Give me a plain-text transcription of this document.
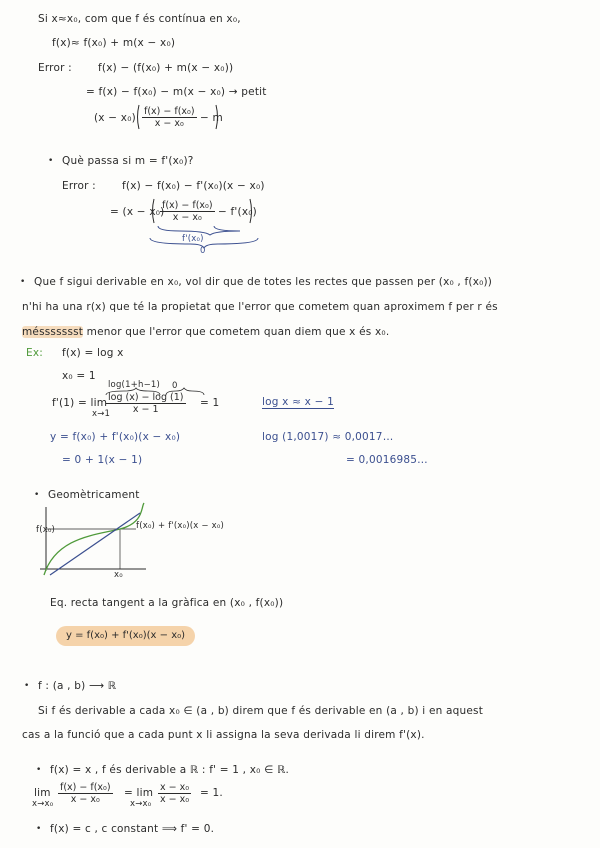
Si x≈x₀, com que f és contínua en x₀,
f(x)≈ f(x₀) + m(x − x₀)
Error : f(x) − (f(x₀) + m(x − x₀))
= f(x) − f(x₀) − m(x − x₀) → petit
$(x - x_0) \frac{\text{f(x) − f(x₀)}}{\text{x − x₀}} - m$
• Què passa si m = f'(x₀)?
Error : f(x) − f(x₀) − f'(x₀)(x − x₀)
= (x − x₀)
$\frac{\text{f(x) − f(x₀)}}{\text{x − x₀}} - f'(x_0)$
f'(x₀)
0
• Que f sigui derivable en x₀, vol dir que de totes les rectes que passen per (x₀ , f(x₀))
n'hi ha una r(x) que té la propietat que l'error que cometem quan aproximem f per r és
méssssssst menor que l'error que cometem quan diem que x és x₀.
Ex: f(x) = log x
x₀ = 1
log(1+h−1) 0
f'(1) = lim
x→1
$\frac{\log (x) - \log (1)}{x - 1} = 1$	log x ≈ x − 1
y = f(x₀) + f'(x₀)(x − x₀)
= 0 + 1(x − 1)
log (1,0017) ≈ 0,0017…
= 0,0016985…
• Geomètricament
f(x₀)
x₀
f(x₀) + f'(x₀)(x − x₀)
Eq. recta tangent a la gràfica en (x₀ , f(x₀))
y = f(x₀) + f'(x₀)(x − x₀)
• f : (a , b) ⟶ ℝ
Si f és derivable a cada x₀ ∈ (a , b) direm que f és derivable en (a , b) i en aquest
cas a la funció que a cada punt x li assigna la seva derivada li direm f'(x).
• f(x) = x , f és derivable a ℝ : f' = 1 , x₀ ∈ ℝ.
lim
$x\to x_0 \frac{\text{f(x) − f(x₀)}}{\text{x − x₀}} = \lim$
$x\to x_0 \frac{\text{x − x₀}}{\text{x − x₀}} = 1$.
• f(x) = c , c constant ⟹ f' = 0.
